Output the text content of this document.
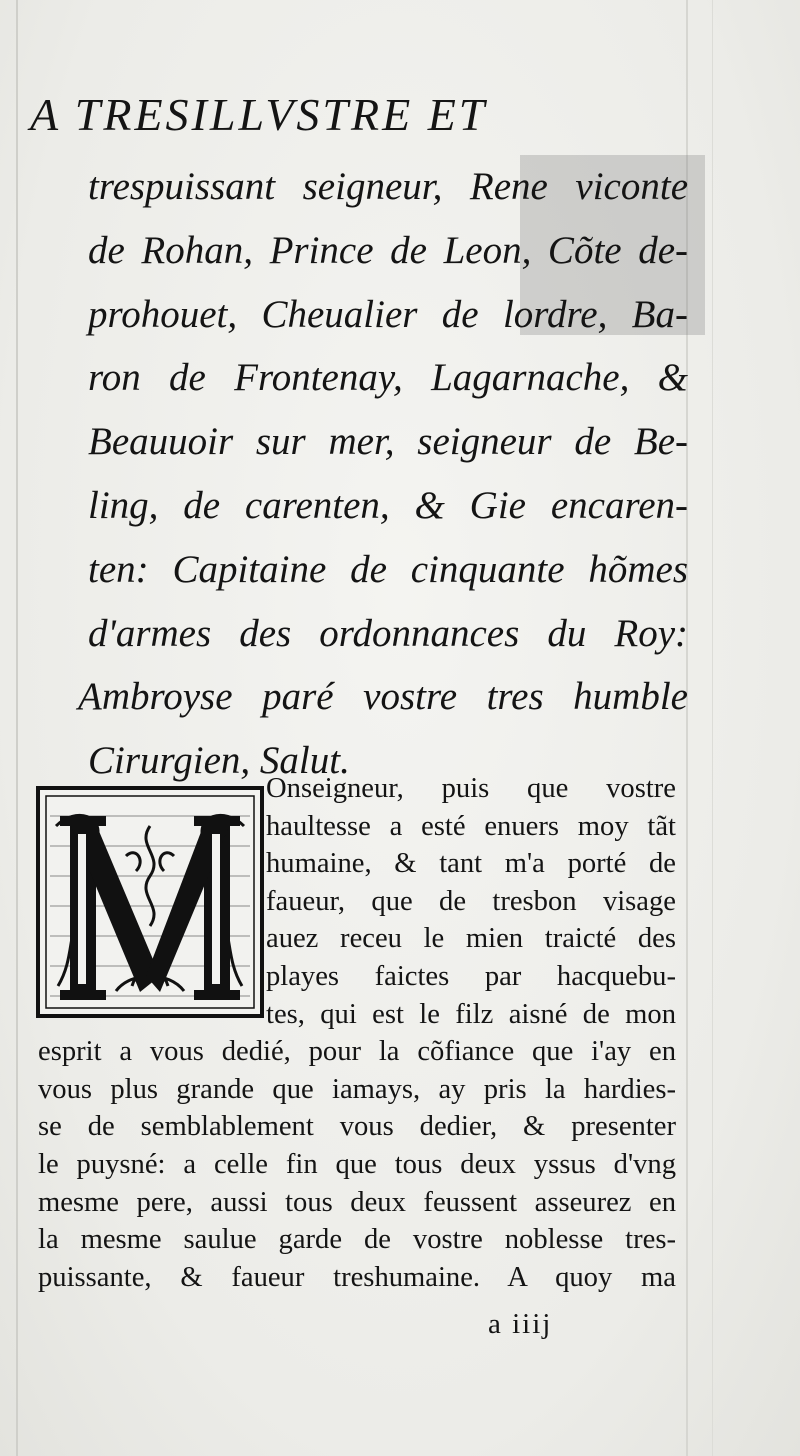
A TRESILLVSTRE ET
trespuissant seigneur, Rene viconte
de Rohan, Prince de Leon, Cõte de-
prohouet, Cheualier de lordre, Ba-
ron de Frontenay, Lagarnache, &
Beauuoir sur mer, seigneur de Be-
ling, de carenten, & Gie encaren-
ten: Capitaine de cinquante hõmes
d'armes des ordonnances du Roy:
Ambroyse paré vostre tres humble
Cirurgien, Salut.
Onseigneur, puis que vostre
haultesse a esté enuers moy tãt
humaine, & tant m'a porté de
faueur, que de tresbon visage
auez receu le mien traicté des
playes faictes par hacquebu-
tes, qui est le filz aisné de mon
esprit a vous dedié, pour la cõfiance que i'ay en
vous plus grande que iamays, ay pris la hardies-
se de semblablement vous dedier, & presenter
le puysné: a celle fin que tous deux yssus d'vng
mesme pere, aussi tous deux feussent asseurez en
la mesme saulue garde de vostre noblesse tres-
puissante, & faueur treshumaine. A quoy ma
a iiij
